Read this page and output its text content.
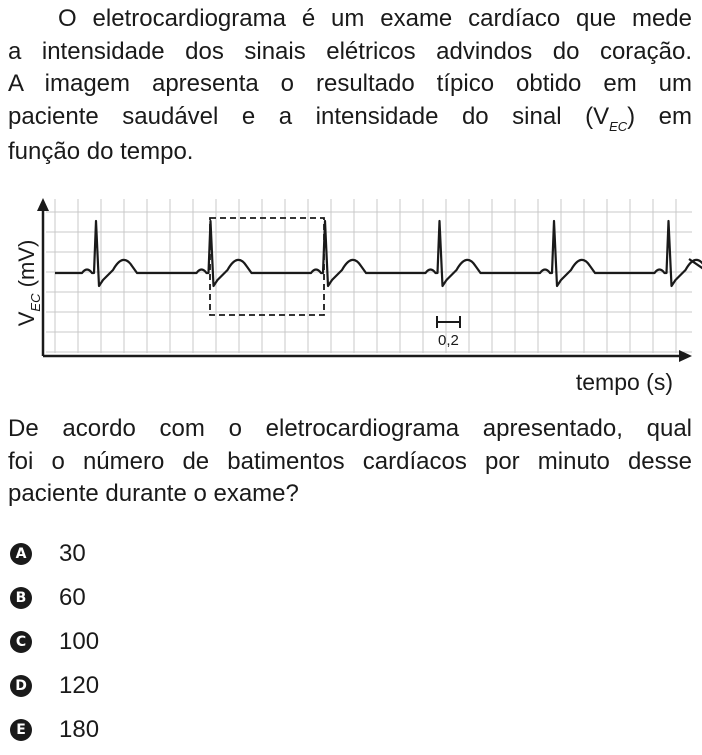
O eletrocardiograma é um exame cardíaco que mede
a intensidade dos sinais elétricos advindos do coração.
A imagem apresenta o resultado típico obtido em um
paciente saudável e a intensidade do sinal $(V_{EC})$ em
função do tempo.
0,2
$V_{EC}$ (mV)
tempo (s)
De acordo com o eletrocardiograma apresentado, qual
foi o número de batimentos cardíacos por minuto desse
paciente durante o exame?
A 30
B 60
C 100
D 120
E 180
